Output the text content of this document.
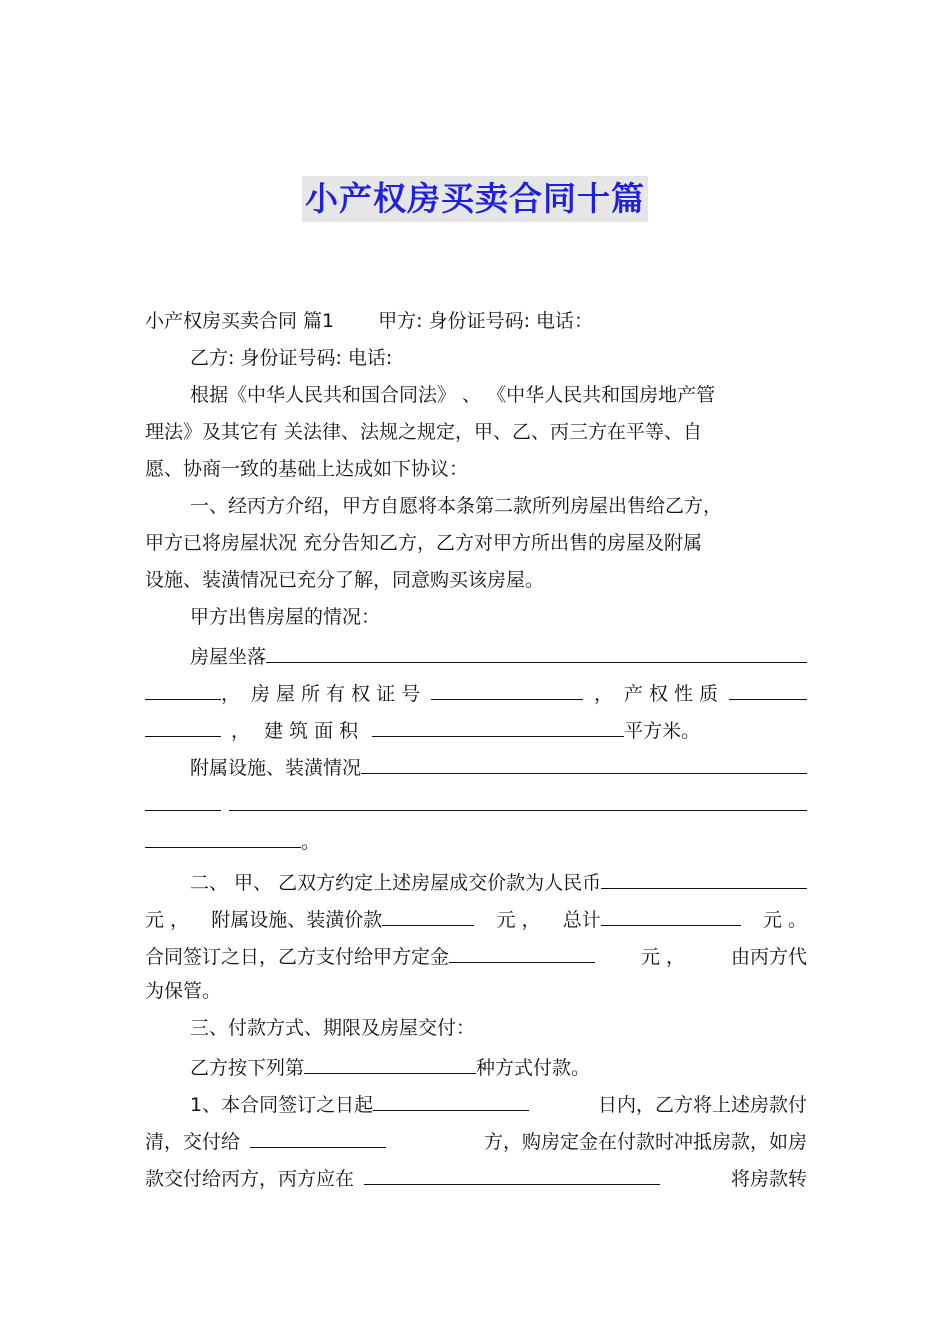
小产权房买卖合同十篇
小产权房买卖合同 篇1 甲方: 身份证号码: 电话：
乙方: 身份证号码: 电话:
根据《中华人民共和国合同法》 、 《中华人民共和国房地产管
理法》及其它有 关法律、法规之规定，甲、乙、丙三方在平等、自
愿、协商一致的基础上达成如下协议：
一、经丙方介绍，甲方自愿将本条第二款所列房屋出售给乙方，
甲方已将房屋状况 充分告知乙方，乙方对甲方所出售的房屋及附属
设施、装潢情况已充分了解，同意购买该房屋。
甲方出售房屋的情况：
房屋坐落
， 房 屋 所 有 权 证 号	， 产 权 性 质
， 建 筑 面 积	平方米。
附属设施、装潢情况
。
二、 甲、 乙双方约定上述房屋成交价款为人民币
元 ， 附属设施、装潢价款	元 ， 总计	元 。
合同签订之日，乙方支付给甲方定金	元 ， 由丙方代
为保管。
三、付款方式、期限及房屋交付：
乙方按下列第	种方式付款。
1、本合同签订之日起	日内，乙方将上述房款付
清，交付给	方，购房定金在付款时冲抵房款，如房
款交付给丙方，丙方应在	将房款转
